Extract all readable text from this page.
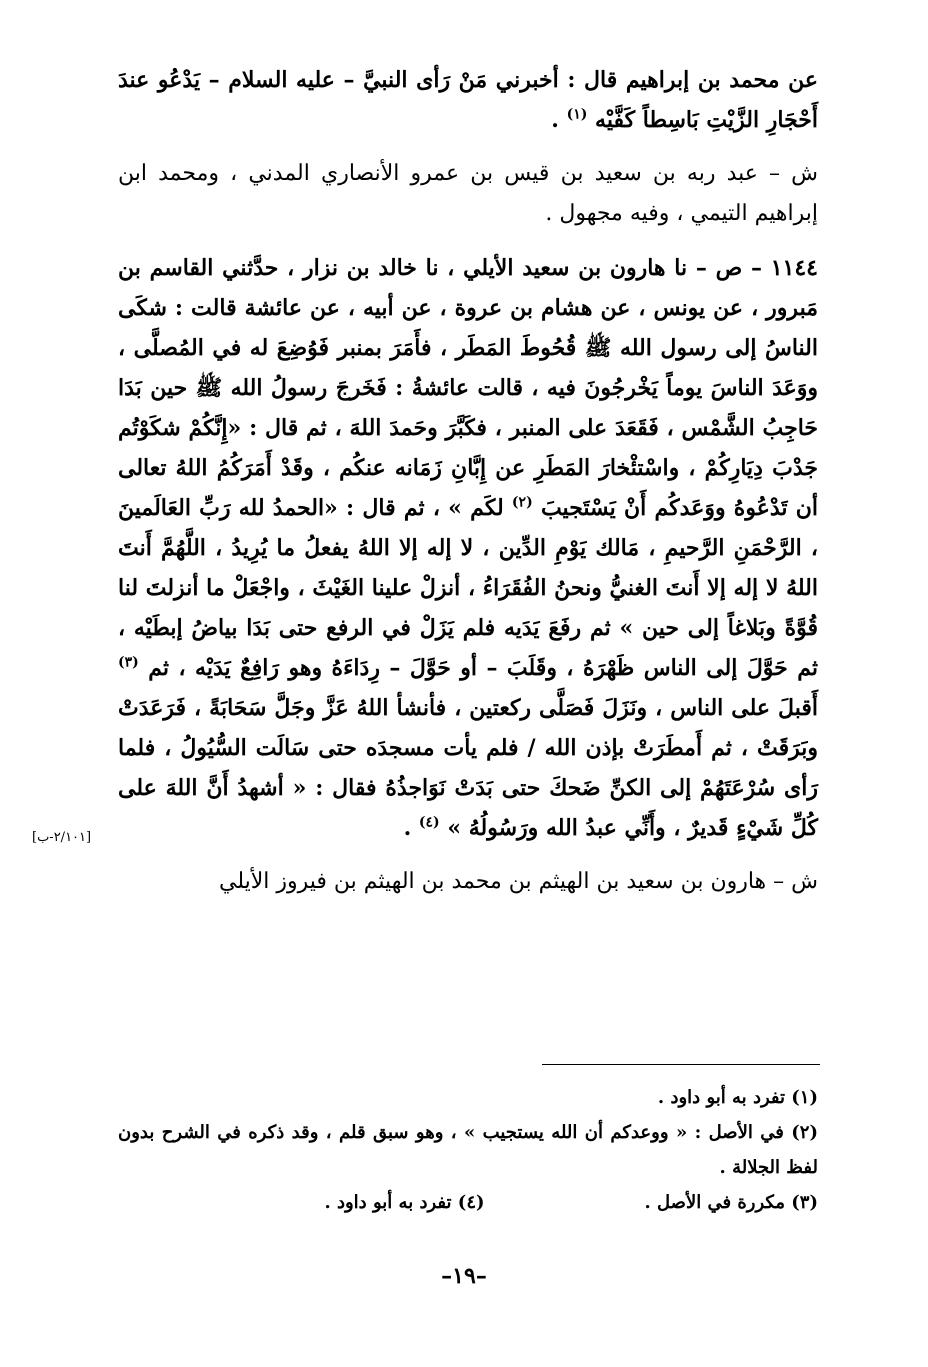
عن محمد بن إبراهيم قال : أخبرني مَنْ رَأى النبيَّ – عليه السلام – يَدْعُو عندَ أَحْجَارِ الزَّيْتِ بَاسِطاً كَفَّيْه $^{(١)}$ .

ش – عبد ربه بن سعيد بن قيس بن عمرو الأنصاري المدني ، ومحمد ابن إبراهيم التيمي ، وفيه مجهول .

١١٤٤ – ص – نا هارون بن سعيد الأيلي ، نا خالد بن نزار ، حدَّثني القاسم بن مَبرور ، عن يونس ، عن هشام بن عروة ، عن أبيه ، عن عائشة قالت : شكَى الناسُ إلى رسول الله ﷺ قُحُوطَ المَطَر ، فأَمَرَ بمنبر فَوُضِعَ له في المُصلَّى ، ووَعَدَ الناسَ يوماً يَخْرجُونَ فيه ، قالت عائشةُ : فَخَرجَ رسولُ الله ﷺ حين بَدَا حَاجِبُ الشَّمْس ، فَقَعَدَ على المنبر ، فكَبَّرَ وحَمدَ اللهَ ، ثم قال : «إِنَّكُمْ شكَوْتُم جَدْبَ دِيَارِكُمْ ، واسْتئْخارَ المَطَرِ عن إِبَّانِ زَمَانه عنكُم ، وقَدْ أَمَرَكُمُ اللهُ تعالى أن تَدْعُوهُ ووَعَدكُم أَنْ يَسْتَجيبَ $^{(٢)}$ لكَم » ، ثم قال : «الحمدُ لله رَبِّ العَالَمينَ ، الرَّحْمَنِ الرَّحيمِ ، مَالك يَوْمِ الدِّين ، لا إله إلا اللهُ يفعلُ ما يُرِيدُ ، اللَّهُمَّ أَنتَ اللهُ لا إله إلا أَنتَ الغنيُّ ونحنُ الفُقَرَاءُ ، أنزلْ علينا الغَيْثَ ، واجْعَلْ ما أنزلتَ لنا قُوَّةً وبَلاغاً إلى حين » ثم رفَعَ يَدَيه فلم يَزَلْ في الرفع حتى بَدَا بياضُ إبطَيْه ، ثم حَوَّلَ إلى الناس ظَهْرَهُ ، وقَلَبَ – أو حَوَّلَ – رِدَاءَهُ وهو رَافِعٌ يَدَيْه ، ثم $^{(٣)}$ أَقبلَ على الناس ، ونَزَلَ فَصَلَّى ركعتين ، فأنشأ اللهُ عَزَّ وجَلَّ سَحَابَةً ، فَرَعَدَتْ وبَرَقَتْ ، ثم أَمطَرَتْ بإذن الله / فلم يأت مسجدَه حتى سَالَت السُّيُولُ ، فلما رَأى سُرْعَتَهُمْ إلى الكنِّ ضَحكَ حتى بَدَتْ نَوَاجذُهُ فقال : « أشهدُ أَنَّ اللهَ على كُلِّ شَيْءٍ قَديرٌ ، وأَنِّي عبدُ الله ورَسُولُهُ » $^{(٤)}$ .

ش – هارون بن سعيد بن الهيثم بن محمد بن الهيثم بن فيروز الأيلي

[٢/١٠١-ب]

(١) تفرد به أبو داود .

(٢) في الأصل : « ووعدكم أن الله يستجيب » ، وهو سبق قلم ، وقد ذكره في الشرح بدون لفظ الجلالة .

(٣) مكررة في الأصل .
(٤) تفرد به أبو داود .
–١٩–
